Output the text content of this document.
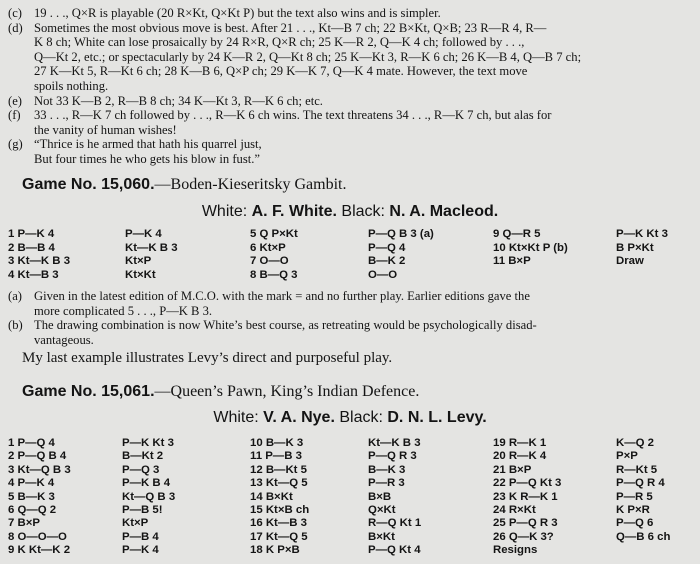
(c) 19 . . ., Q×R is playable (20 R×Kt, Q×Kt P) but the text also wins and is simpler.
(d) Sometimes the most obvious move is best. After 21 . . ., Kt—B 7 ch; 22 B×Kt, Q×B; 23 R—R 4, R—
K 8 ch; White can lose prosaically by 24 R×R, Q×R ch; 25 K—R 2, Q—K 4 ch; followed by . . .,
Q—Kt 2, etc.; or spectacularly by 24 K—R 2, Q—Kt 8 ch; 25 K—Kt 3, R—K 6 ch; 26 K—B 4, Q—B 7 ch;
27 K—Kt 5, R—Kt 6 ch; 28 K—B 6, Q×P ch; 29 K—K 7, Q—K 4 mate. However, the text move
spoils nothing.
(e) Not 33 K—B 2, R—B 8 ch; 34 K—Kt 3, R—K 6 ch; etc.
(f) 33 . . ., R—K 7 ch followed by . . ., R—K 6 ch wins. The text threatens 34 . . ., R—K 7 ch, but alas for
the vanity of human wishes!
(g) “Thrice is he armed that hath his quarrel just,
But four times he who gets his blow in fust.”
Game No. 15,060.—Boden-Kieseritsky Gambit.
White: A. F. White. Black: N. A. Macleod.
1 P—K 4	P—K 4	5 Q P×Kt	P—Q B 3 (a)	9 Q—R 5	P—K Kt 3
2 B—B 4	Kt—K B 3	6 Kt×P	P—Q 4	10 Kt×Kt P (b)	B P×Kt
3 Kt—K B 3	Kt×P	7 O—O	B—K 2	11 B×P	Draw
4 Kt—B 3	Kt×Kt	8 B—Q 3	O—O
(a) Given in the latest edition of M.C.O. with the mark = and no further play. Earlier editions gave the
more complicated 5 . . ., P—K B 3.
(b) The drawing combination is now White’s best course, as retreating would be psychologically disad-
vantageous.
My last example illustrates Levy’s direct and purposeful play.
Game No. 15,061.—Queen’s Pawn, King’s Indian Defence.
White: V. A. Nye. Black: D. N. L. Levy.
1 P—Q 4	P—K Kt 3	10 B—K 3	Kt—K B 3	19 R—K 1	K—Q 2
2 P—Q B 4	B—Kt 2	11 P—B 3	P—Q R 3	20 R—K 4	P×P
3 Kt—Q B 3	P—Q 3	12 B—Kt 5	B—K 3	21 B×P	R—Kt 5
4 P—K 4	P—K B 4	13 Kt—Q 5	P—R 3	22 P—Q Kt 3	P—Q R 4
5 B—K 3	Kt—Q B 3	14 B×Kt	B×B	23 K R—K 1	P—R 5
6 Q—Q 2	P—B 5!	15 Kt×B ch	Q×Kt	24 R×Kt	K P×R
7 B×P	Kt×P	16 Kt—B 3	R—Q Kt 1	25 P—Q R 3	P—Q 6
8 O—O—O	P—B 4	17 Kt—Q 5	B×Kt	26 Q—K 3?	Q—B 6 ch
9 K Kt—K 2	P—K 4	18 K P×B	P—Q Kt 4	Resigns
